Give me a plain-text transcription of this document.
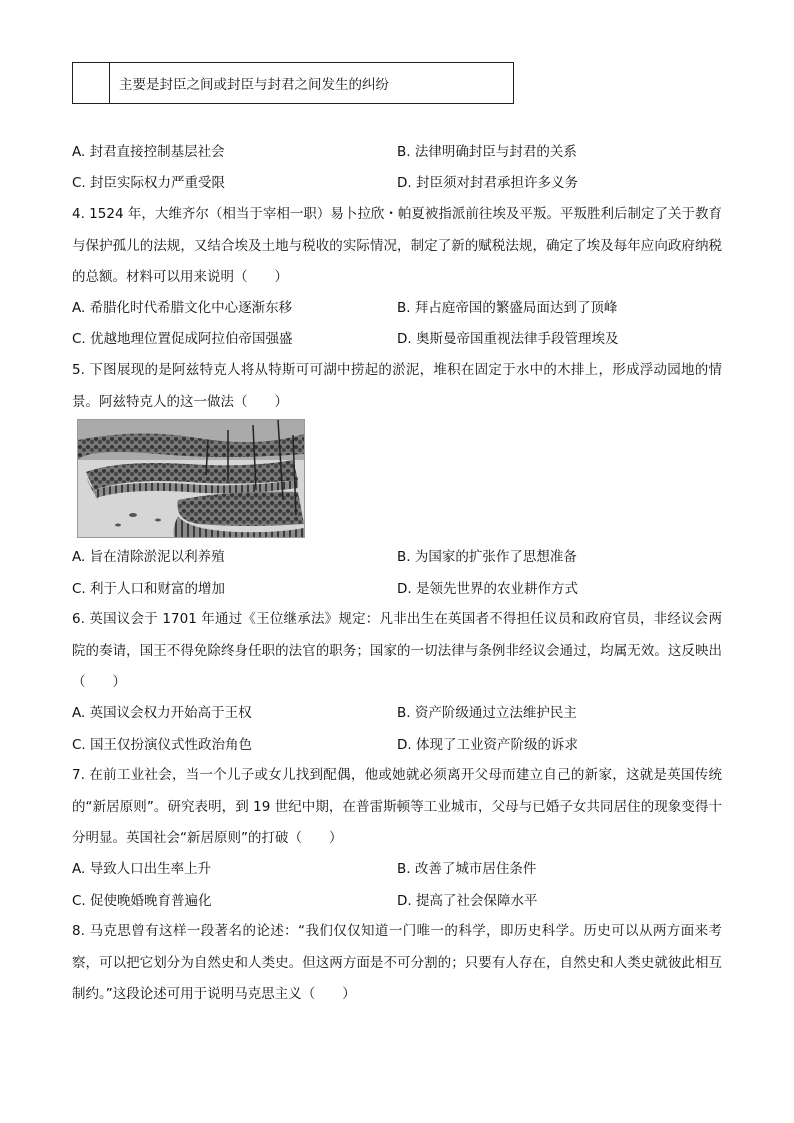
主要是封臣之间或封臣与封君之间发生的纠纷
A. 封君直接控制基层社会	B. 法律明确封臣与封君的关系
C. 封臣实际权力严重受限	D. 封臣须对封君承担许多义务
4. 1524 年，大维齐尔（相当于宰相一职）易卜拉欣・帕夏被指派前往埃及平叛。平叛胜利后制定了关于教育与保护孤儿的法规，又结合埃及土地与税收的实际情况，制定了新的赋税法规，确定了埃及每年应向政府纳税的总额。材料可以用来说明（　　）
A. 希腊化时代希腊文化中心逐渐东移	B. 拜占庭帝国的繁盛局面达到了顶峰
C. 优越地理位置促成阿拉伯帝国强盛	D. 奥斯曼帝国重视法律手段管理埃及
5. 下图展现的是阿兹特克人将从特斯可可湖中捞起的淤泥，堆积在固定于水中的木排上，形成浮动园地的情景。阿兹特克人的这一做法（　　）
A. 旨在清除淤泥以利养殖	B. 为国家的扩张作了思想准备
C. 利于人口和财富的增加	D. 是领先世界的农业耕作方式
6. 英国议会于 1701 年通过《王位继承法》规定：凡非出生在英国者不得担任议员和政府官员，非经议会两院的奏请，国王不得免除终身任职的法官的职务；国家的一切法律与条例非经议会通过，均属无效。这反映出（　　）
A. 英国议会权力开始高于王权	B. 资产阶级通过立法维护民主
C. 国王仅扮演仪式性政治角色	D. 体现了工业资产阶级的诉求
7. 在前工业社会，当一个儿子或女儿找到配偶，他或她就必须离开父母而建立自己的新家，这就是英国传统的“新居原则”。研究表明，到 19 世纪中期，在普雷斯顿等工业城市，父母与已婚子女共同居住的现象变得十分明显。英国社会“新居原则”的打破（　　）
A. 导致人口出生率上升	B. 改善了城市居住条件
C. 促使晚婚晚育普遍化	D. 提高了社会保障水平
8. 马克思曾有这样一段著名的论述：“我们仅仅知道一门唯一的科学，即历史科学。历史可以从两方面来考察，可以把它划分为自然史和人类史。但这两方面是不可分割的；只要有人存在，自然史和人类史就彼此相互制约。”这段论述可用于说明马克思主义（　　）
